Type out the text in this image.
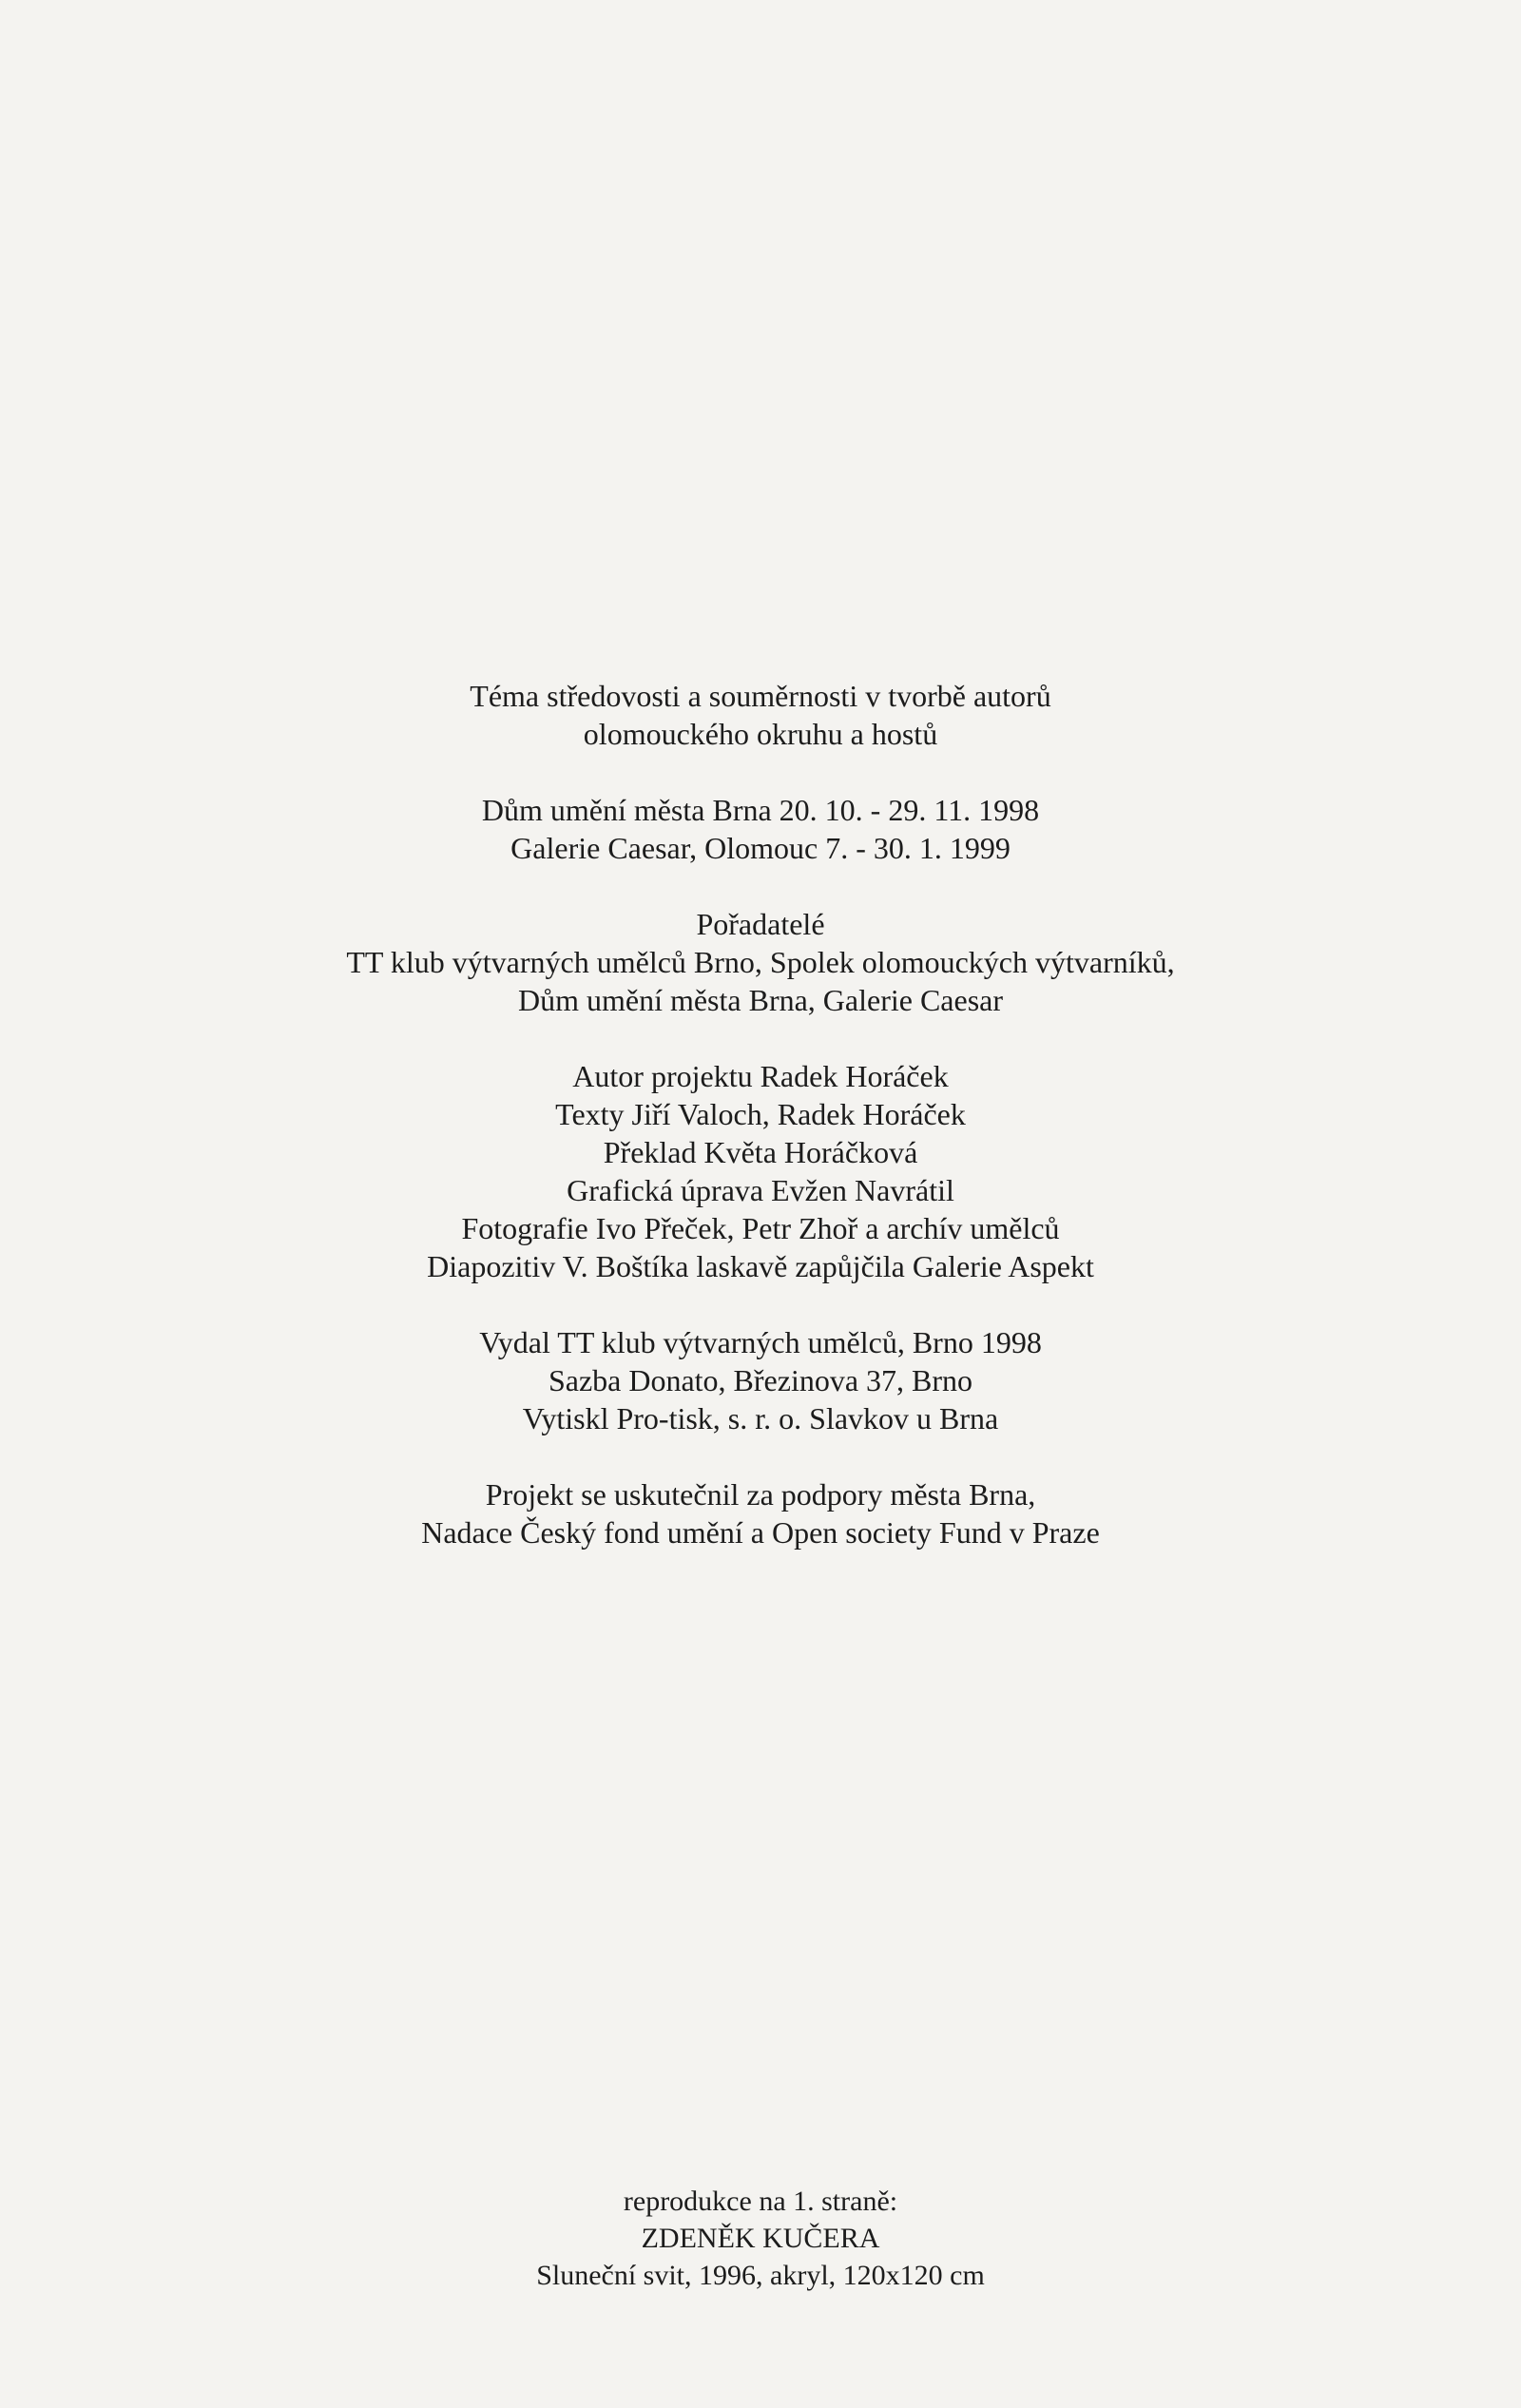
Téma středovosti a souměrnosti v tvorbě autorů
olomouckého okruhu a hostů

Dům umění města Brna 20. 10. - 29. 11. 1998
Galerie Caesar, Olomouc 7. - 30. 1. 1999

Pořadatelé
TT klub výtvarných umělců Brno, Spolek olomouckých výtvarníků,
Dům umění města Brna, Galerie Caesar

Autor projektu Radek Horáček
Texty Jiří Valoch, Radek Horáček
Překlad Květa Horáčková
Grafická úprava Evžen Navrátil
Fotografie Ivo Přeček, Petr Zhoř a archív umělců
Diapozitiv V. Boštíka laskavě zapůjčila Galerie Aspekt

Vydal TT klub výtvarných umělců, Brno 1998
Sazba Donato, Březinova 37, Brno
Vytiskl Pro-tisk, s. r. o. Slavkov u Brna

Projekt se uskutečnil za podpory města Brna,
Nadace Český fond umění a Open society Fund v Praze

reprodukce na 1. straně:
ZDENĚK KUČERA
Sluneční svit, 1996, akryl, 120x120 cm
